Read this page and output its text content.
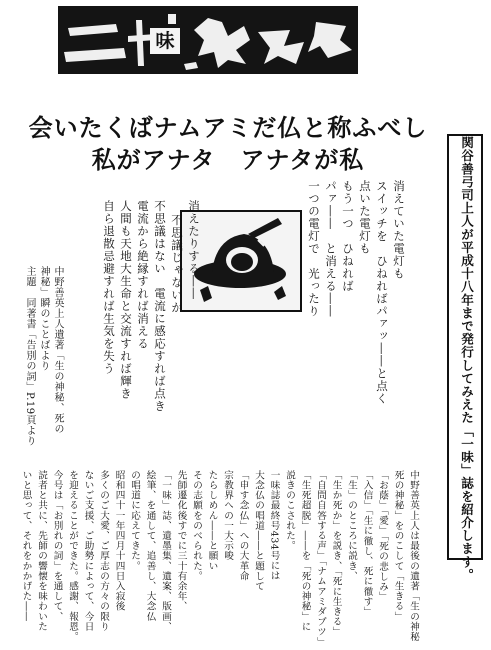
味
会いたくばナムアミだ仏と称ふべし
私がアナタ　アナタが私	関谷善弓司上人が平成十八年まで発行してみえた「一味」誌を紹介します。
消えていた電灯も
スイッチを　ひねればパァッ――と点く
点いた電灯も
もう一つ　ひねれば
パァ――　と消える――
一つの電灯で　光ったり
消えたりする――
不思議じゃないか
不思議はない　電流に感応すれば点き
電流から絶縁すれば消える
人間も天地大生命と交流すれば輝き
自ら退散忌避すれば生気を失う
中野善英上人遺著「生の神秘、死の
神秘」瞬のことばより
主題　同著書「告別の詞」P.19頁より
中野善英上人は最後の遺著「生の神秘
死の神秘」をのこして「生きる」
「お蔭」「愛」「死の悲しみ」
「入信」「生に徹し、死に徹す」
「生」のところに説き、
「生か死か」を説き、「死に生きる」
「自問自答する声」「ナムアミダブツ」
「生死超脱」――を「死の神秘」に
説きのこされた。
一味誌最終号434号には
大念仏の唱道――と題して
「申す念仏」への大革命
宗教界への一大示唆
たらしめん――と願い
その志願をのべられた。
先師遷化後すでに三十有余年、
「一味」誌、遺墨集、遺案、版画、
絵筆、を通して、追善し、大念仏
の唱道に応えてきた。
昭和四十一年四月十四日入寂後
多くのご大愛、ご厚志の方々の限り
ないご支援、ご助勢によって、今日
を迎えることができた。感謝、報恩。
今号は「お別れの詞」を通して、
読者と共に、先師の響懐を味わいた
いと思って、それをかかげた――
